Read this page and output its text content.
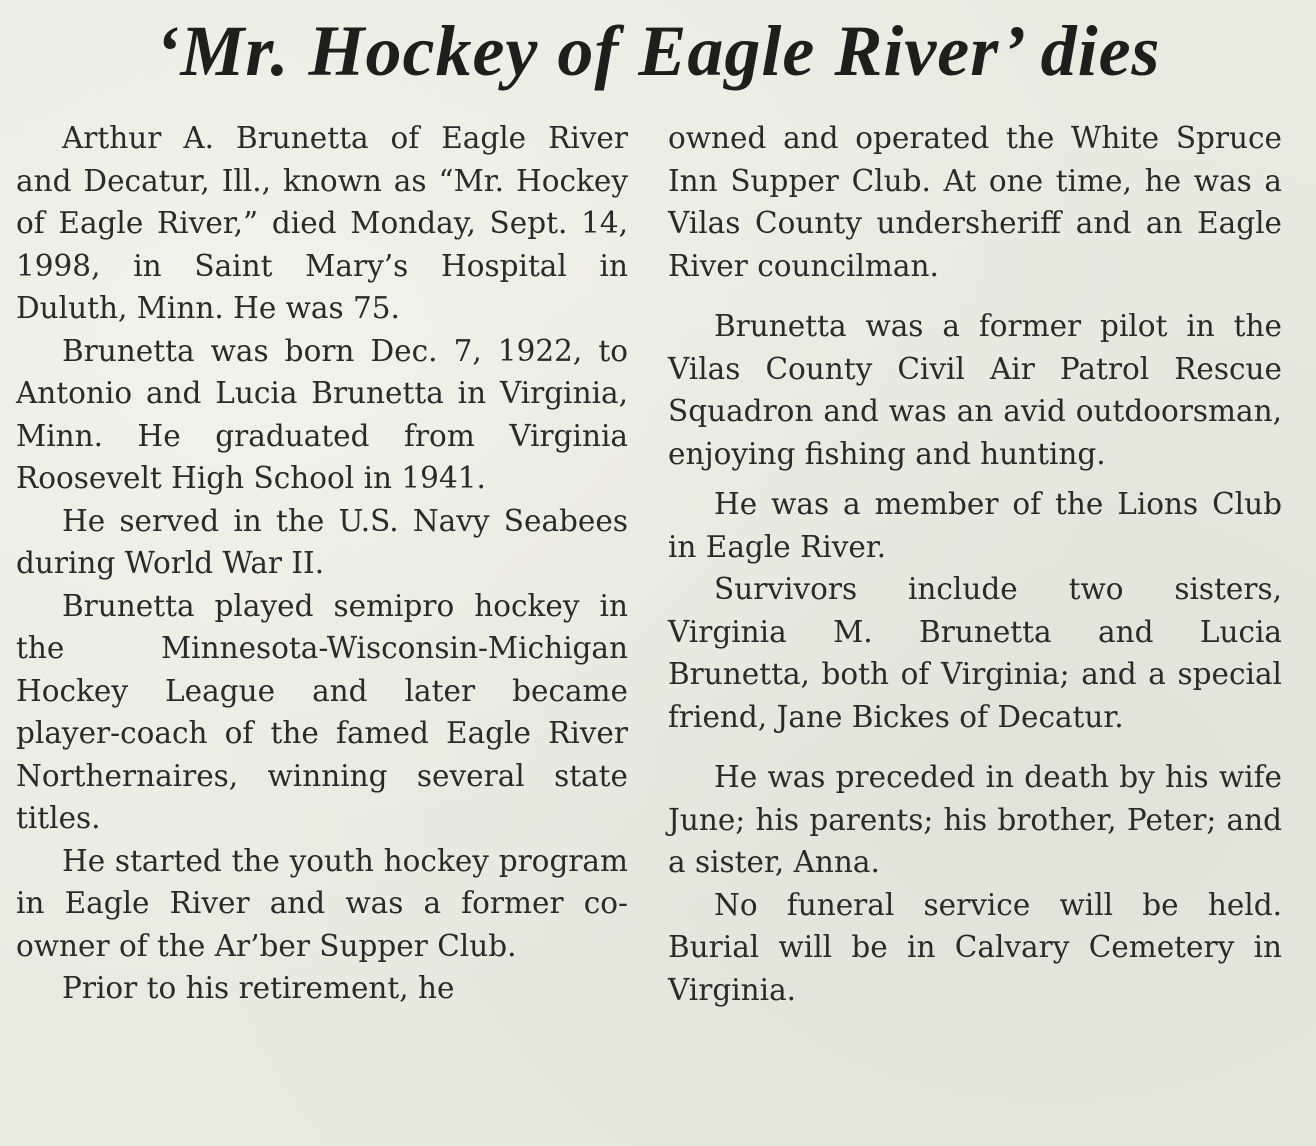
‘Mr. Hockey of Eagle River’ dies

Arthur A. Brunetta of Eagle River and Decatur, Ill., known as “Mr. Hockey of Eagle River,” died Monday, Sept. 14, 1998, in Saint Mary’s Hospital in Duluth, Minn. He was 75.

Brunetta was born Dec. 7, 1922, to Antonio and Lucia Brunetta in Virginia, Minn. He graduated from Virginia Roosevelt High School in 1941.

He served in the U.S. Navy Seabees during World War II.

Brunetta played semipro hockey in the Minnesota-Wisconsin-Michigan Hockey League and later became player-coach of the famed Eagle River Northernaires, winning several state titles.

He started the youth hockey program in Eagle River and was a former co-owner of the Ar’ber Supper Club.

Prior to his retirement, he

owned and operated the White Spruce Inn Supper Club. At one time, he was a Vilas County undersheriff and an Eagle River councilman.

Brunetta was a former pilot in the Vilas County Civil Air Patrol Rescue Squadron and was an avid outdoorsman, enjoying fishing and hunting.

He was a member of the Lions Club in Eagle River.

Survivors include two sisters, Virginia M. Brunetta and Lucia Brunetta, both of Virginia; and a special friend, Jane Bickes of Decatur.

He was preceded in death by his wife June; his parents; his brother, Peter; and a sister, Anna.

No funeral service will be held. Burial will be in Calvary Cemetery in Virginia.
